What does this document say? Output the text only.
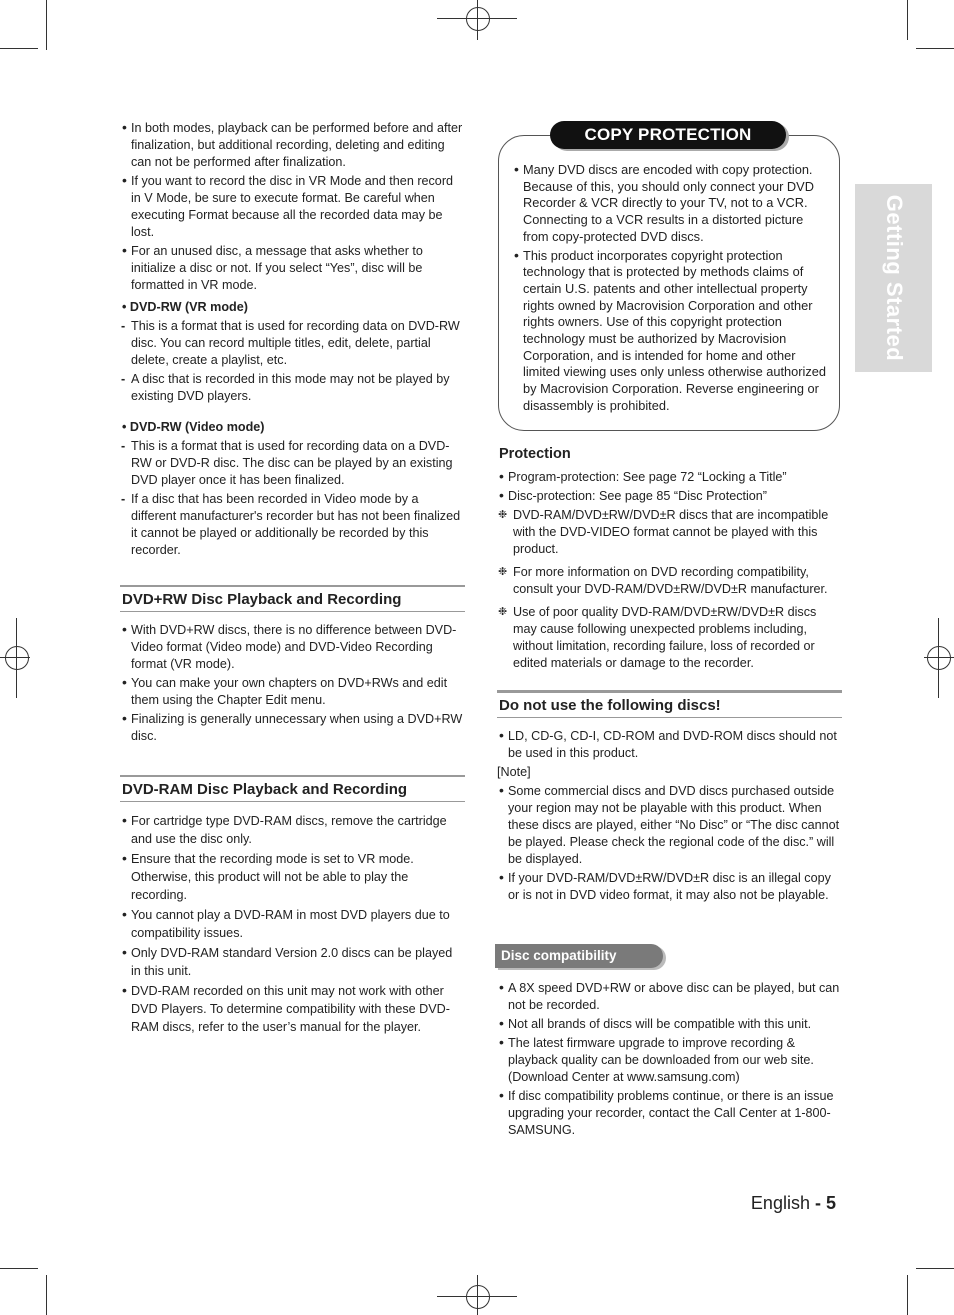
Getting Started
• In both modes, playback can be performed before and after finalization, but additional recording, deleting and editing can not be performed after finalization.
• If you want to record the disc in VR Mode and then record in V Mode, be sure to execute format. Be careful when executing Format because all the recorded data may be lost.
• For an unused disc, a message that asks whether to initialize a disc or not. If you select “Yes”, disc will be formatted in VR mode.
• DVD-RW (VR mode)
- This is a format that is used for recording data on DVD-RW disc. You can record multiple titles, edit, delete, partial delete, create a playlist, etc.
- A disc that is recorded in this mode may not be played by existing DVD players.
• DVD-RW (Video mode)
- This is a format that is used for recording data on a DVD-RW or DVD-R disc. The disc can be played by an existing DVD player once it has been finalized.
- If a disc that has been recorded in Video mode by a different manufacturer's recorder but has not been finalized it cannot be played or additionally be recorded by this recorder.
DVD+RW Disc Playback and Recording
• With DVD+RW discs, there is no difference between DVD-Video format (Video mode) and DVD-Video Recording format (VR mode).
• You can make your own chapters on DVD+RWs and edit them using the Chapter Edit menu.
• Finalizing is generally unnecessary when using a DVD+RW disc.
DVD-RAM Disc Playback and Recording
• For cartridge type DVD-RAM discs, remove the cartridge and use the disc only.
• Ensure that the recording mode is set to VR mode. Otherwise, this product will not be able to play the recording.
• You cannot play a DVD-RAM in most DVD players due to compatibility issues.
• Only DVD-RAM standard Version 2.0 discs can be played in this unit.
• DVD-RAM recorded on this unit may not work with other DVD Players. To determine compatibility with these DVD-RAM discs, refer to the user’s manual for the player.
COPY PROTECTION
• Many DVD discs are encoded with copy protection. Because of this, you should only connect your DVD Recorder & VCR directly to your TV, not to a VCR. Connecting to a VCR results in a distorted picture from copy-protected DVD discs.
• This product incorporates copyright protection technology that is protected by methods claims of certain U.S. patents and other intellectual property rights owned by Macrovision Corporation and other rights owners. Use of this copyright protection technology must be authorized by Macrovision Corporation, and is intended for home and other limited viewing uses only unless otherwise authorized by Macrovision Corporation. Reverse engineering or disassembly is prohibited.
Protection
• Program-protection: See page 72 “Locking a Title”
• Disc-protection: See page 85 “Disc Protection”
❉ DVD-RAM/DVD±RW/DVD±R discs that are incompatible with the DVD-VIDEO format cannot be played with this product.
❉ For more information on DVD recording compatibility, consult your DVD-RAM/DVD±RW/DVD±R manufacturer.
❉ Use of poor quality DVD-RAM/DVD±RW/DVD±R discs may cause following unexpected problems including, without limitation, recording failure, loss of recorded or edited materials or damage to the recorder.
Do not use the following discs!
• LD, CD-G, CD-I, CD-ROM and DVD-ROM discs should not be used in this product.
[Note]
• Some commercial discs and DVD discs purchased outside your region may not be playable with this product. When these discs are played, either “No Disc” or “The disc cannot be played. Please check the regional code of the disc.” will be displayed.
• If your DVD-RAM/DVD±RW/DVD±R disc is an illegal copy or is not in DVD video format, it may also not be playable.
Disc compatibility
• A 8X speed DVD+RW or above disc can be played, but can not be recorded.
• Not all brands of discs will be compatible with this unit.
• The latest firmware upgrade to improve recording & playback quality can be downloaded from our web site. (Download Center at www.samsung.com)
• If disc compatibility problems continue, or there is an issue upgrading your recorder, contact the Call Center at 1-800-SAMSUNG.
English - 5
